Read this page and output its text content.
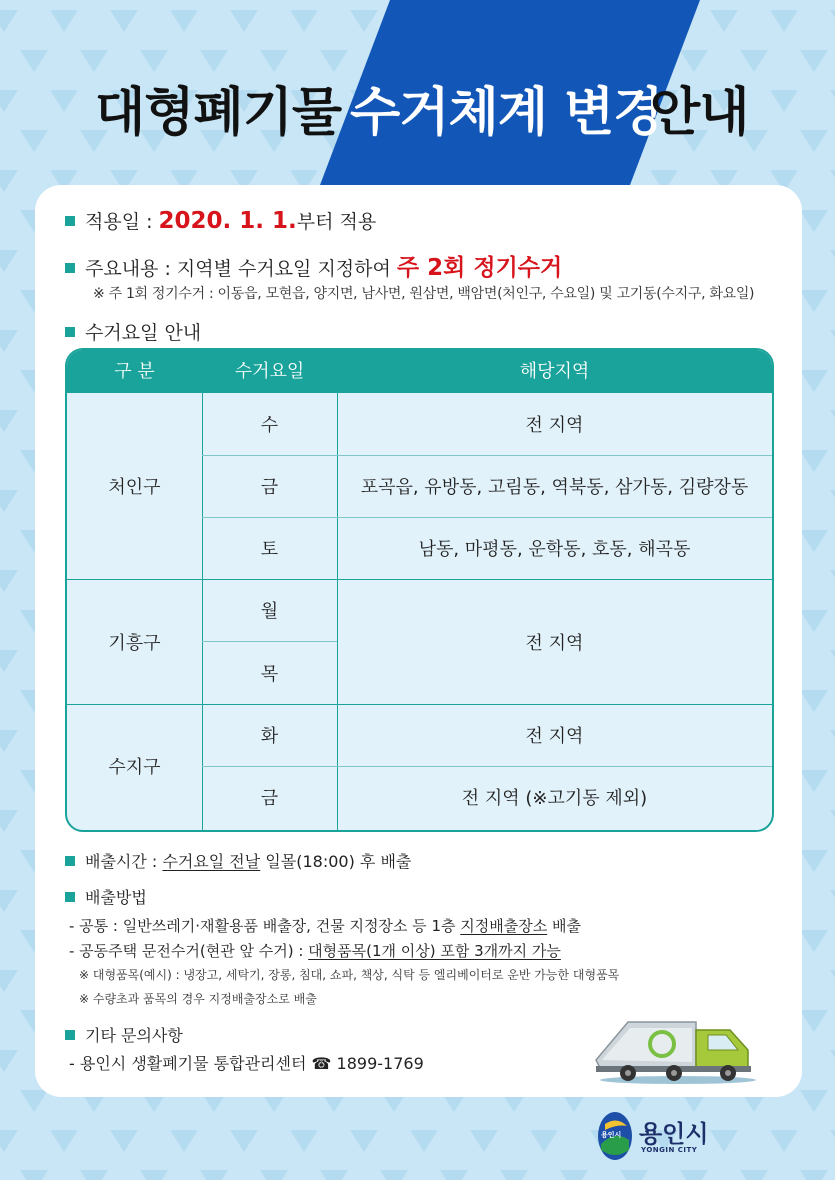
대형폐기물 수거체계 변경
안내
적용일 : 2020. 1. 1.부터 적용
주요내용 : 지역별 수거요일 지정하여 주 2회 정기수거
※ 주 1회 정기수거 : 이동읍, 모현읍, 양지면, 남사면, 원삼면, 백암면(처인구, 수요일) 및 고기동(수지구, 화요일)
수거요일 안내
구 분	수거요일	해당지역
처인구
기흥구
수지구
수
금
토
월
목
화
금
전 지역
포곡읍, 유방동, 고림동, 역북동, 삼가동, 김량장동
남동, 마평동, 운학동, 호동, 해곡동
전 지역
전 지역
전 지역 (※고기동 제외)
배출시간 : 수거요일 전날 일몰(18:00) 후 배출
배출방법
- 공통 : 일반쓰레기·재활용품 배출장, 건물 지정장소 등 1층 지정배출장소 배출
- 공동주택 문전수거(현관 앞 수거) : 대형품목(1개 이상) 포함 3개까지 가능
※ 대형품목(예시) : 냉장고, 세탁기, 장롱, 침대, 쇼파, 책상, 식탁 등 엘리베이터로 운반 가능한 대형품목
※ 수량초과 품목의 경우 지정배출장소로 배출
기타 문의사항
- 용인시 생활폐기물 통합관리센터 ☎ 1899-1769
용인시 용인시
YONGIN CITY
